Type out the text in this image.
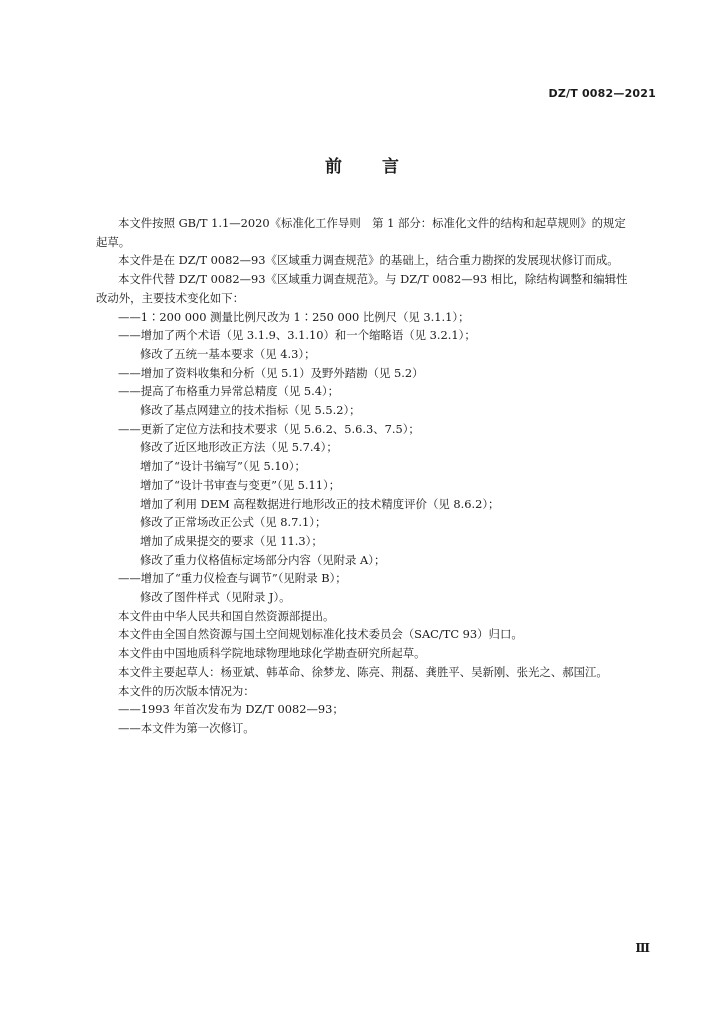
DZ/T 0082—2021
前言

本文件按照 GB/T 1.1—2020《标准化工作导则　第 1 部分：标准化文件的结构和起草规则》的规定

起草。

本文件是在 DZ/T 0082—93《区域重力调查规范》的基础上，结合重力勘探的发展现状修订而成。

本文件代替 DZ/T 0082—93《区域重力调查规范》。与 DZ/T 0082—93 相比，除结构调整和编辑性

改动外，主要技术变化如下：

——1∶200 000 测量比例尺改为 1∶250 000 比例尺（见 3.1.1）；

——增加了两个术语（见 3.1.9、3.1.10）和一个缩略语（见 3.2.1）；

修改了五统一基本要求（见 4.3）；

——增加了资料收集和分析（见 5.1）及野外踏勘（见 5.2）

——提高了布格重力异常总精度（见 5.4）；

修改了基点网建立的技术指标（见 5.5.2）；

——更新了定位方法和技术要求（见 5.6.2、5.6.3、7.5）；

修改了近区地形改正方法（见 5.7.4）；

增加了“设计书编写”（见 5.10）；

增加了“设计书审查与变更”（见 5.11）；

增加了利用 DEM 高程数据进行地形改正的技术精度评价（见 8.6.2）；

修改了正常场改正公式（见 8.7.1）；

增加了成果提交的要求（见 11.3）；

修改了重力仪格值标定场部分内容（见附录 A）；

——增加了“重力仪检查与调节”（见附录 B）；

修改了图件样式（见附录 J）。

本文件由中华人民共和国自然资源部提出。

本文件由全国自然资源与国土空间规划标准化技术委员会（SAC/TC 93）归口。

本文件由中国地质科学院地球物理地球化学勘查研究所起草。

本文件主要起草人：杨亚斌、韩革命、徐梦龙、陈亮、荆磊、龚胜平、吴新刚、张光之、郝国江。

本文件的历次版本情况为：

——1993 年首次发布为 DZ/T 0082—93；

——本文件为第一次修订。

Ⅲ
